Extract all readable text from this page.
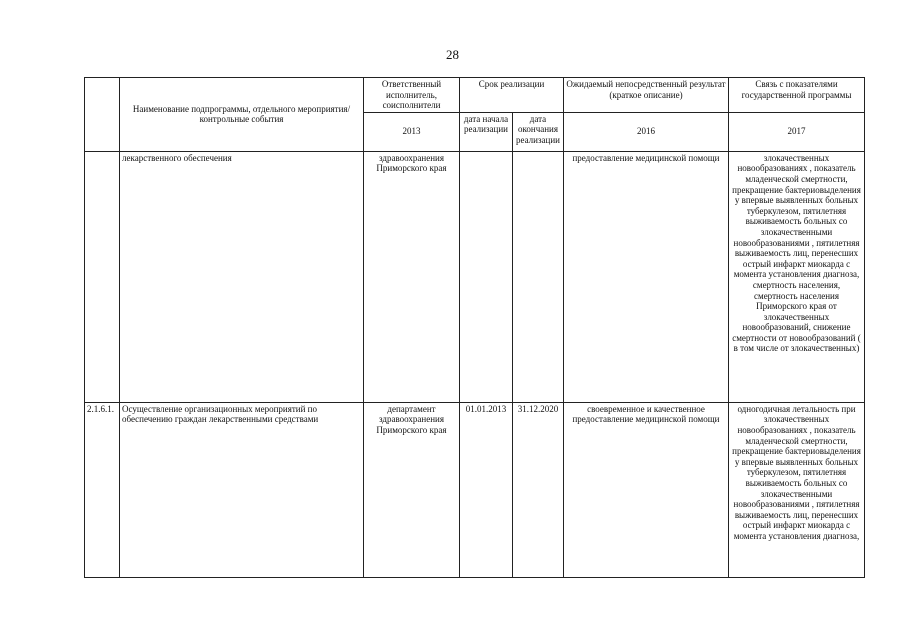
28
	Наименование подпрограммы, отдельного мероприятия/контрольные события	Ответственный исполнитель, соисполнители	Срок реализации		Ожидаемый непосредственный результат (краткое описание)	Связь с показателями государственной программы
		2013	дата начала реализации	дата окончания реализации	2016	2017
	лекарственного обеспечения	здравоохранения Приморского края			предоставление медицинской помощи	злокачественных новообразованиях , показатель младенческой смертности, прекращение бактериовыделения у впервые выявленных больных туберкулезом, пятилетняя выживаемость больных со злокачественными новообразованиями , пятилетняя выживаемость лиц, перенесших острый инфаркт миокарда с момента установления диагноза, смертность населения, смертность населения Приморского края от злокачественных новообразований, снижение смертности от новообразований ( в том числе от злокачественных)
2.1.6.1.	Осуществление организационных мероприятий по обеспечению граждан лекарственными средствами	департамент здравоохранения Приморского края	01.01.2013	31.12.2020	своевременное и качественное предоставление медицинской помощи	одногодичная летальность при злокачественных новообразованиях , показатель младенческой смертности, прекращение бактериовыделения у впервые выявленных больных туберкулезом, пятилетняя выживаемость больных со злокачественными новообразованиями , пятилетняя выживаемость лиц, перенесших острый инфаркт миокарда с момента установления диагноза,
